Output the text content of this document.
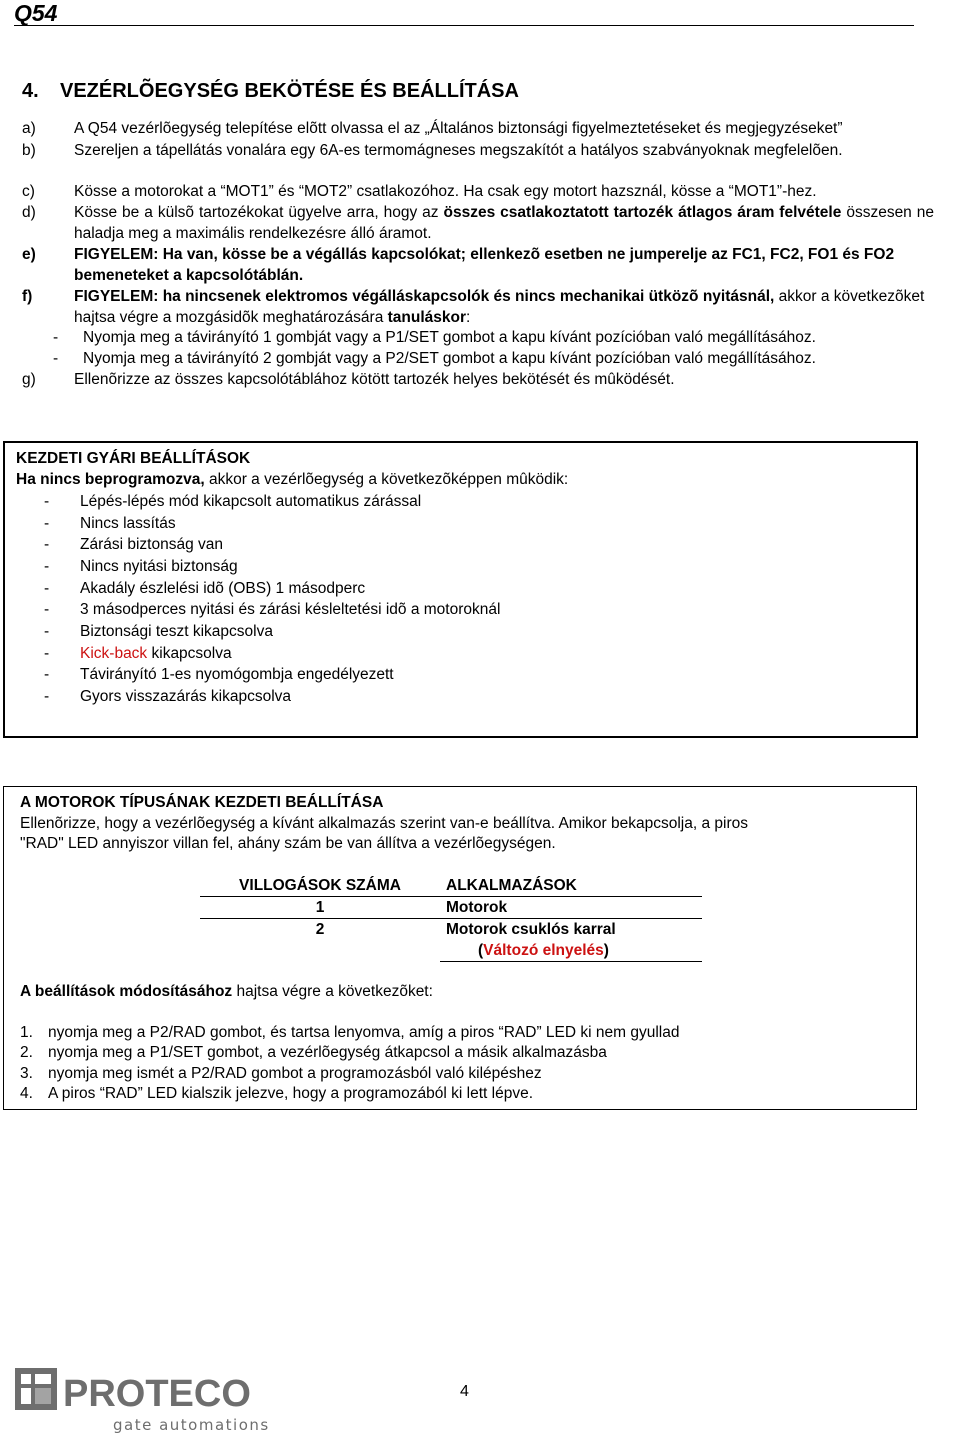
Q54
4. VEZÉRLÕEGYSÉG BEKÖTÉSE ÉS BEÁLLÍTÁSA
a) A Q54 vezérlõegység telepítése elõtt olvassa el az „Általános biztonsági figyelmeztetéseket és megjegyzéseket”
b) Szereljen a tápellátás vonalára egy 6A-es termomágneses megszakítót a hatályos szabványoknak megfelelõen.
c)	Kösse a motorokat a “MOT1” és “MOT2” csatlakozóhoz. Ha csak egy motort hazsznál, kösse a “MOT1”-hez.
d) Kösse be a külsõ tartozékokat ügyelve arra, hogy az összes csatlakoztatott tartozék átlagos áram felvétele összesen ne haladja meg a maximális rendelkezésre álló áramot.
e) FIGYELEM: Ha van, kösse be a végállás kapcsolókat; ellenkezõ esetben ne jumperelje az FC1, FC2, FO1 és FO2 bemeneteket a kapcsolótáblán.
f)	FIGYELEM: ha nincsenek elektromos végálláskapcsolók és nincs mechanikai ütközõ nyitásnál, akkor a következõket hajtsa végre a mozgásidõk meghatározására tanuláskor:
- Nyomja meg a távirányító 1 gombját vagy a P1/SET gombot a kapu kívánt pozícióban való megállításához.
- Nyomja meg a távirányító 2 gombját vagy a P2/SET gombot a kapu kívánt pozícióban való megállításához.
g) Ellenõrizze az összes kapcsolótáblához kötött tartozék helyes bekötését és mûködését.
KEZDETI GYÁRI BEÁLLÍTÁSOK
Ha nincs beprogramozva, akkor a vezérlõegység a következõképpen mûködik:
- Lépés-lépés mód kikapcsolt automatikus zárással
- Nincs lassítás
- Zárási biztonság van
- Nincs nyitási biztonság
- Akadály észlelési idõ (OBS) 1 másodperc
- 3 másodperces nyitási és zárási késleltetési idõ a motoroknál
- Biztonsági teszt kikapcsolva
- Kick-back kikapcsolva
- Távirányító 1-es nyomógombja engedélyezett
- Gyors visszazárás kikapcsolva
A MOTOROK TÍPUSÁNAK KEZDETI BEÁLLÍTÁSA
Ellenõrizze, hogy a vezérlõegység a kívánt alkalmazás szerint van-e beállítva. Amikor bekapcsolja, a piros
"RAD" LED annyiszor villan fel, ahány szám be van állítva a vezérlõegységen.
VILLOGÁSOK SZÁMA	ALKALMAZÁSOK
1	Motorok
2	Motorok csuklós karral
(Változó elnyelés)
A beállítások módosításához hajtsa végre a következõket:
1. nyomja meg a P2/RAD gombot, és tartsa lenyomva, amíg a piros “RAD” LED ki nem gyullad
2. nyomja meg a P1/SET gombot, a vezérlõegység átkapcsol a másik alkalmazásba
3. nyomja meg ismét a P2/RAD gombot a programozásból való kilépéshez
4. A piros “RAD” LED kialszik jelezve, hogy a programozából ki lett lépve.
PROTECO
gate automations
4
